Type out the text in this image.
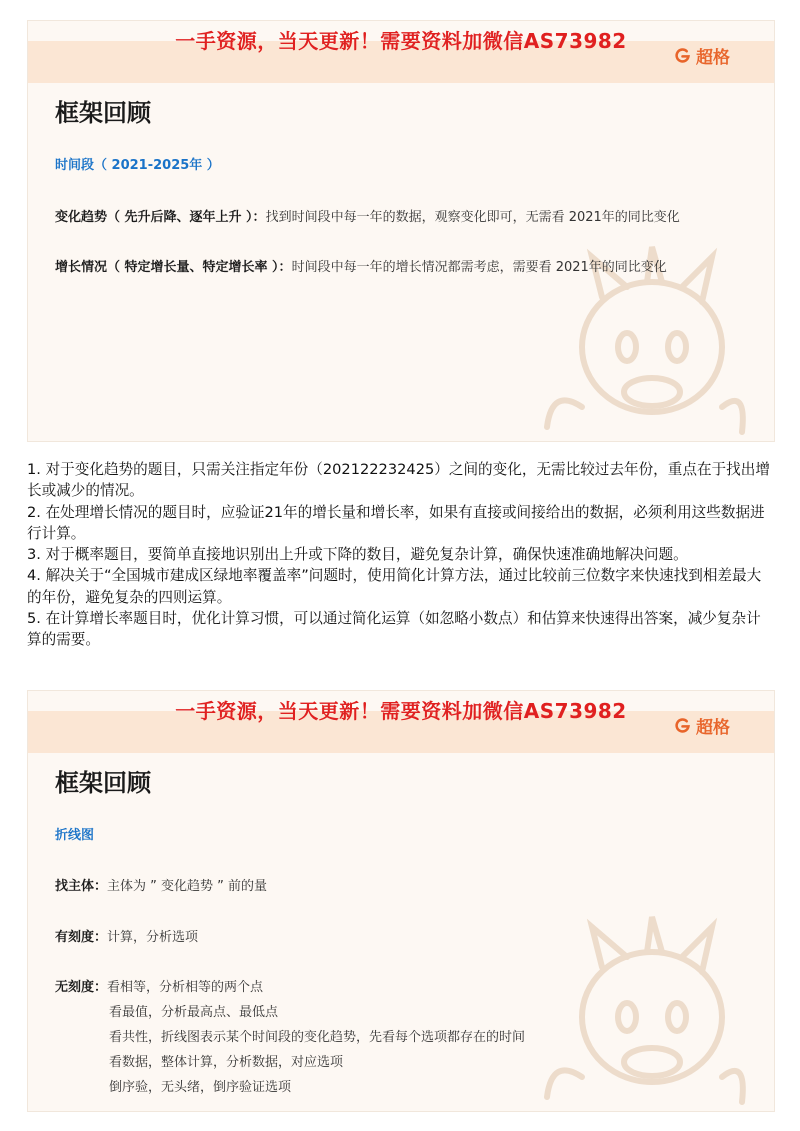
一手资源，当天更新！需要资料加微信AS73982
超格
框架回顾
时间段（ 2021-2025年 ）
变化趋势（ 先升后降、逐年上升 ）：找到时间段中每一年的数据，观察变化即可，无需看 2021年的同比变化
增长情况（ 特定增长量、特定增长率 ）：时间段中每一年的增长情况都需考虑，需要看 2021年的同比变化

1. 对于变化趋势的题目，只需关注指定年份（202122232425）之间的变化，无需比较过去年份，重点在于找出增长或减少的情况。

2. 在处理增长情况的题目时，应验证21年的增长量和增长率，如果有直接或间接给出的数据，必须利用这些数据进行计算。

3. 对于概率题目，要简单直接地识别出上升或下降的数目，避免复杂计算，确保快速准确地解决问题。

4. 解决关于“全国城市建成区绿地率覆盖率”问题时，使用简化计算方法，通过比较前三位数字来快速找到相差最大的年份，避免复杂的四则运算。

5. 在计算增长率题目时，优化计算习惯，可以通过简化运算（如忽略小数点）和估算来快速得出答案，减少复杂计算的需要。

一手资源，当天更新！需要资料加微信AS73982
超格
框架回顾
折线图
找主体：主体为 ” 变化趋势 ” 前的量
有刻度：计算，分析选项
无刻度：看相等，分析相等的两个点
看最值，分析最高点、最低点
看共性，折线图表示某个时间段的变化趋势，先看每个选项都存在的时间
看数据，整体计算，分析数据，对应选项
倒序验，无头绪，倒序验证选项
